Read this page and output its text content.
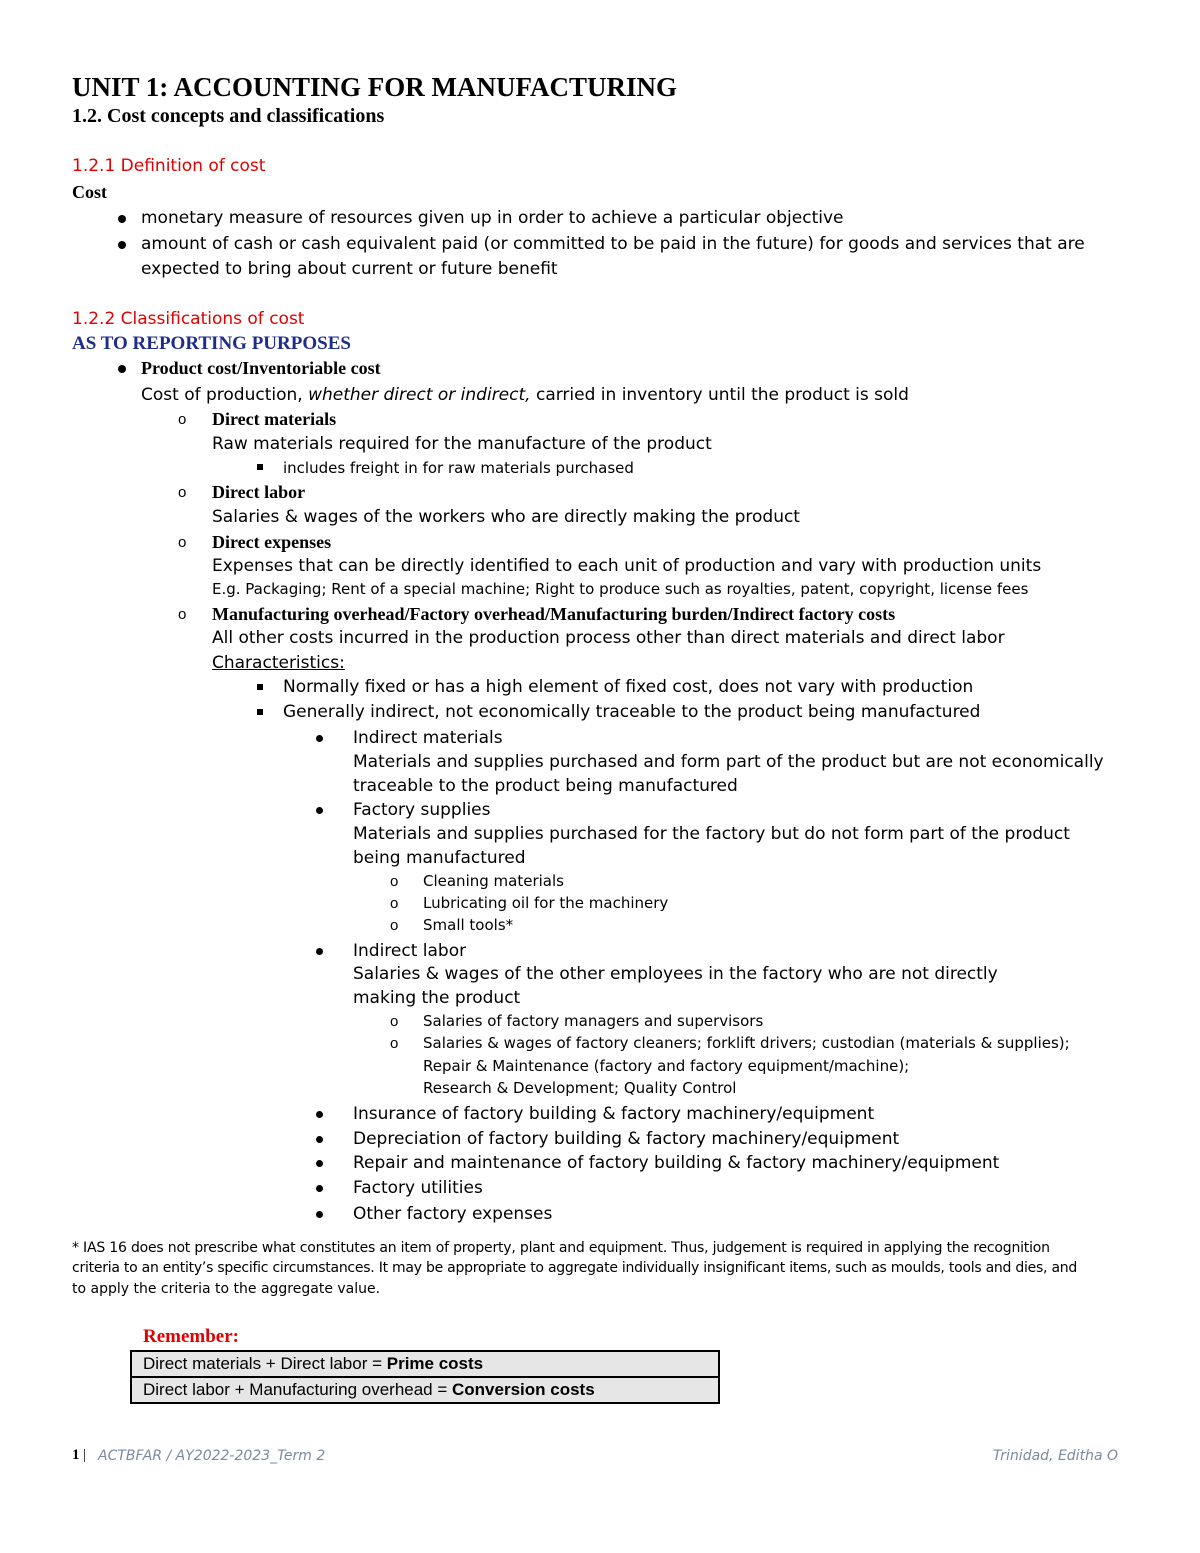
UNIT 1: ACCOUNTING FOR MANUFACTURING
1.2. Cost concepts and classifications
1.2.1 Definition of cost
Cost
monetary measure of resources given up in order to achieve a particular objective
amount of cash or cash equivalent paid (or committed to be paid in the future) for goods and services that are
expected to bring about current or future benefit
1.2.2 Classifications of cost
AS TO REPORTING PURPOSES
Product cost/Inventoriable cost
Cost of production, whether direct or indirect, carried in inventory until the product is sold
o Direct materials
Raw materials required for the manufacture of the product
includes freight in for raw materials purchased
o Direct labor
Salaries & wages of the workers who are directly making the product
o Direct expenses
Expenses that can be directly identified to each unit of production and vary with production units
E.g. Packaging; Rent of a special machine; Right to produce such as royalties, patent, copyright, license fees
o Manufacturing overhead/Factory overhead/Manufacturing burden/Indirect factory costs
All other costs incurred in the production process other than direct materials and direct labor
Characteristics:
Normally fixed or has a high element of fixed cost, does not vary with production
Generally indirect, not economically traceable to the product being manufactured
Indirect materials
Materials and supplies purchased and form part of the product but are not economically
traceable to the product being manufactured
Factory supplies
Materials and supplies purchased for the factory but do not form part of the product
being manufactured
o Cleaning materials
o Lubricating oil for the machinery
o Small tools*
Indirect labor
Salaries & wages of the other employees in the factory who are not directly
making the product
o Salaries of factory managers and supervisors
o Salaries & wages of factory cleaners; forklift drivers; custodian (materials & supplies);
Repair & Maintenance (factory and factory equipment/machine);
Research & Development; Quality Control
Insurance of factory building & factory machinery/equipment
Depreciation of factory building & factory machinery/equipment
Repair and maintenance of factory building & factory machinery/equipment
Factory utilities
Other factory expenses
* IAS 16 does not prescribe what constitutes an item of property, plant and equipment. Thus, judgement is required in applying the recognition
criteria to an entity’s specific circumstances. It may be appropriate to aggregate individually insignificant items, such as moulds, tools and dies, and
to apply the criteria to the aggregate value.
Remember:
Direct materials + Direct labor = Prime costs
Direct labor + Manufacturing overhead = Conversion costs
1 | ACTBFAR / AY2022-2023_Term 2	Trinidad, Editha O
